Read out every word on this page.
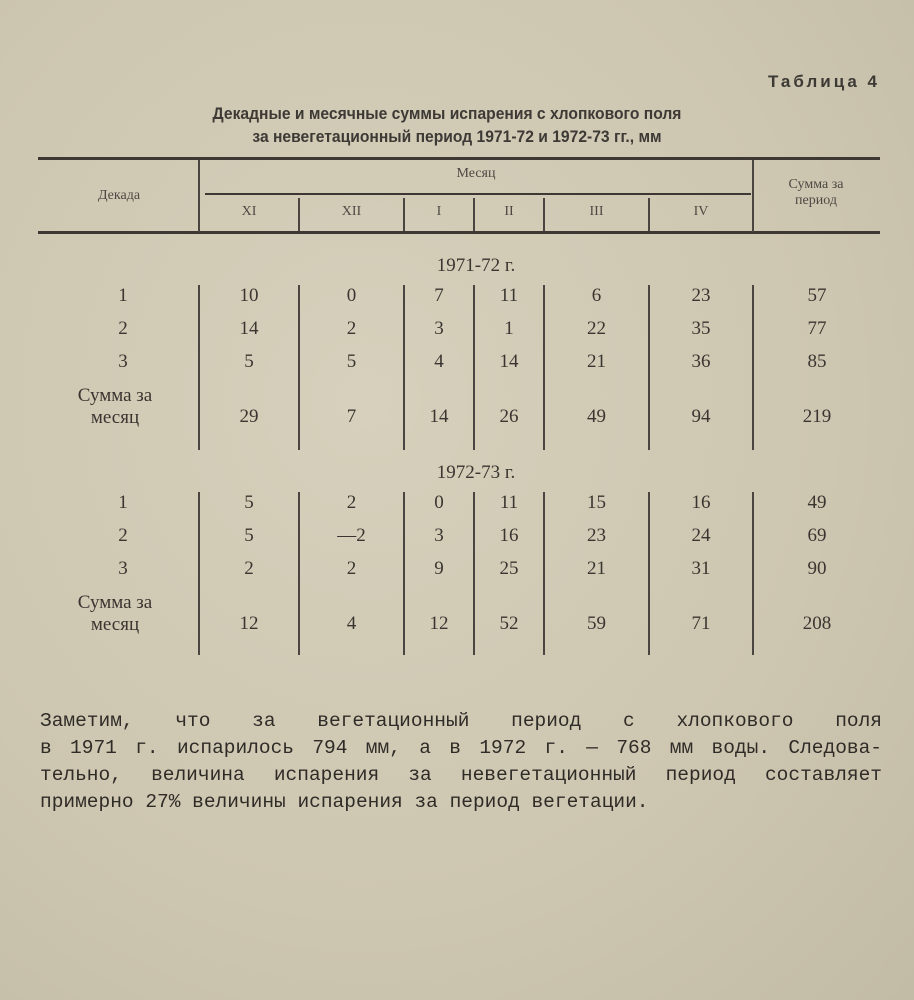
Таблица 4
Декадные и месячные суммы испарения с хлопкового поля
за невегетационный период 1971-72 и 1972-73 гг., мм
Декада
Месяц
Сумма за
период
XI	XII	I	II	III	IV
1971-72 г.
1	10	0	7	11	6	23	57
2	14	2	3	1	22	35	77
3	5	5	4	14	21	36	85
Сумма за
месяц	29	7	14	26	49	94	219
1972-73 г.
1	5	2	0	11	15	16	49
2	5	—2	3	16	23	24	69
3	2	2	9	25	21	31	90
Сумма за
месяц	12	4	12	52	59	71	208
Заметим, что за вегетационный период с хлопкового поля
в 1971 г. испарилось 794 мм, а в 1972 г. — 768 мм воды. Следова-
тельно, величина испарения за невегетационный период составляет
примерно 27% величины испарения за период вегетации.
